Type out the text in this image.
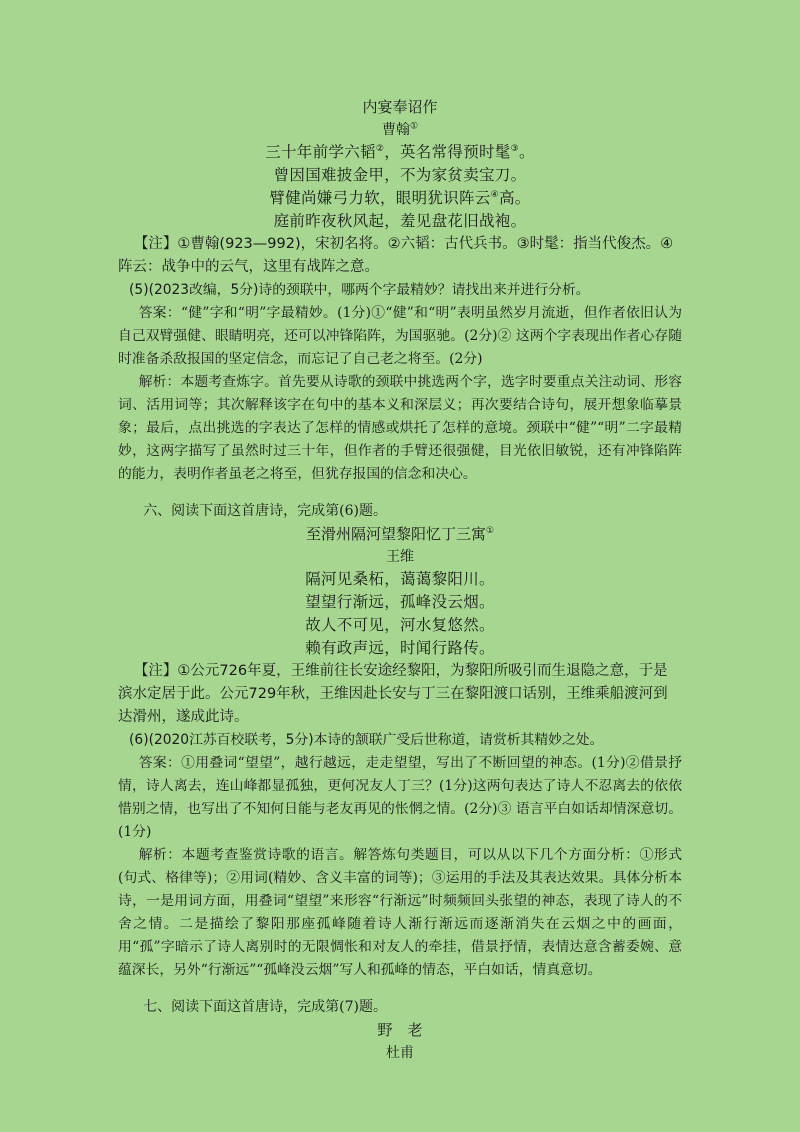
内宴奉诏作
曹翰①
三十年前学六韬②，英名常得预时髦③。
曾因国难披金甲，不为家贫卖宝刀。
臂健尚嫌弓力软，眼明犹识阵云④高。
庭前昨夜秋风起，羞见盘花旧战袍。
【注】①曹翰(923—992)，宋初名将。②六韬：古代兵书。③时髦：指当代俊杰。④阵云：战争中的云气，这里有战阵之意。
(5)(2023改编，5分)诗的颈联中，哪两个字最精妙？请找出来并进行分析。
答案：“健”字和“明”字最精妙。(1分)①“健”和“明”表明虽然岁月流逝，但作者依旧认为自己双臂强健、眼睛明亮，还可以冲锋陷阵，为国驱驰。(2分)② 这两个字表现出作者心存随时准备杀敌报国的坚定信念，而忘记了自己老之将至。(2分)
解析：本题考查炼字。首先要从诗歌的颈联中挑选两个字，选字时要重点关注动词、形容词、活用词等；其次解释该字在句中的基本义和深层义；再次要结合诗句，展开想象临摹景象；最后，点出挑选的字表达了怎样的情感或烘托了怎样的意境。颈联中“健”“明”二字最精妙，这两字描写了虽然时过三十年，但作者的手臂还很强健，目光依旧敏锐，还有冲锋陷阵的能力，表明作者虽老之将至，但犹存报国的信念和决心。
六、阅读下面这首唐诗，完成第(6)题。
至滑州隔河望黎阳忆丁三寓①
王维
隔河见桑柘，蔼蔼黎阳川。
望望行渐远，孤峰没云烟。
故人不可见，河水复悠然。
赖有政声远，时闻行路传。
【注】①公元726年夏，王维前往长安途经黎阳，为黎阳所吸引而生退隐之意，于是滨水定居于此。公元729年秋，王维因赴长安与丁三在黎阳渡口话别，王维乘船渡河到达滑州，遂成此诗。
(6)(2020江苏百校联考，5分)本诗的颔联广受后世称道，请赏析其精妙之处。
答案：①用叠词“望望”，越行越远，走走望望，写出了不断回望的神态。(1分)②借景抒情，诗人离去，连山峰都显孤独，更何况友人丁三？(1分)这两句表达了诗人不忍离去的依依惜别之情，也写出了不知何日能与老友再见的怅惘之情。(2分)③ 语言平白如话却情深意切。(1分)
解析：本题考查鉴赏诗歌的语言。解答炼句类题目，可以从以下几个方面分析：①形式(句式、格律等)；②用词(精妙、含义丰富的词等)；③运用的手法及其表达效果。具体分析本诗，一是用词方面，用叠词“望望”来形容“行渐远”时频频回头张望的神态，表现了诗人的不舍之情。二是描绘了黎阳那座孤峰随着诗人渐行渐远而逐渐消失在云烟之中的画面，用“孤”字暗示了诗人离别时的无限惆怅和对友人的牵挂，借景抒情，表情达意含蓄委婉、意蕴深长，另外“行渐远”“孤峰没云烟”写人和孤峰的情态，平白如话，情真意切。
七、阅读下面这首唐诗，完成第(7)题。
野　老
杜甫
